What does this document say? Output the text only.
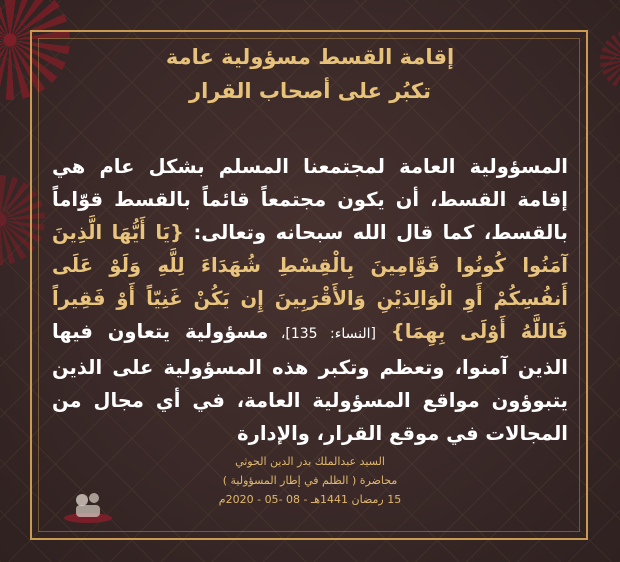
إقامة القسط مسؤولية عامة
تكبُر على أصحاب القرار
المسؤولية العامة لمجتمعنا المسلم بشكل عام هي إقامة القسط، أن يكون مجتمعاً قائماً بالقسط قوّاماً بالقسط، كما قال الله سبحانه وتعالى: {يَا أَيُّهَا الَّذِينَ آمَنُوا كُونُوا قَوَّامِينَ بِالْقِسْطِ شُهَدَاءَ لِلَّهِ وَلَوْ عَلَى أَنفُسِكُمْ أَوِ الْوَالِدَيْنِ وَالأَقْرَبِينَ إِن يَكُنْ غَنِيّاً أَوْ فَقِيراً فَاللَّهُ أَوْلَى بِهِمَا} [النساء: 135]، مسؤولية يتعاون فيها الذين آمنوا، وتعظم وتكبر هذه المسؤولية على الذين يتبوؤون مواقع المسؤولية العامة، في أي مجال من المجالات في موقع القرار، والإدارة
السيد عبدالملك بدر الدين الحوثي
محاضرة ( الظلم في إطار المسؤولية )
15 رمضان 1441هـ - 08 -05 - 2020م
